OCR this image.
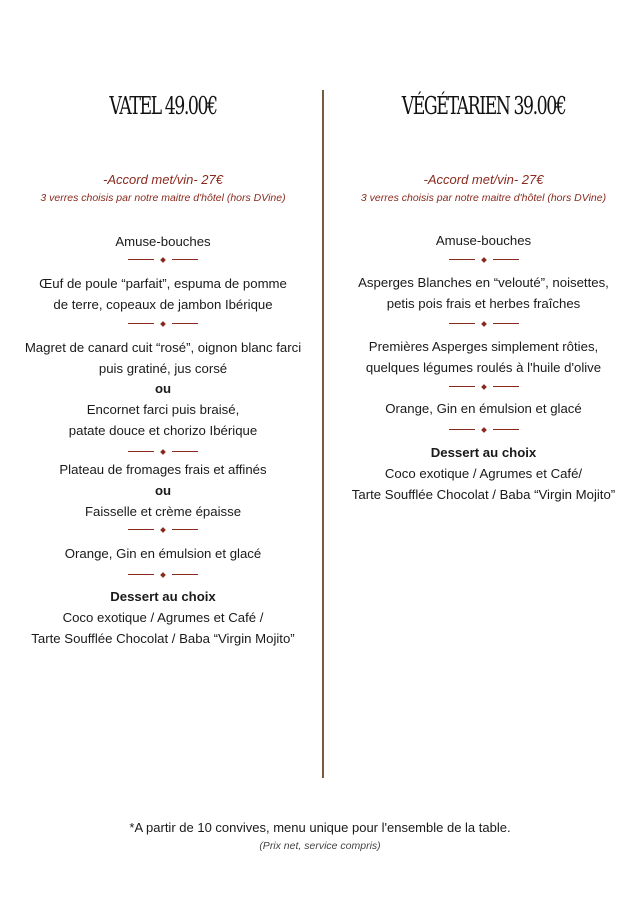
VATEL 49.00€
-Accord met/vin- 27€
3 verres choisis par notre maitre d'hôtel (hors DVine)
Amuse-bouches
Œuf de poule “parfait”, espuma de pomme
de terre, copeaux de jambon Ibérique
Magret de canard cuit “rosé”, oignon blanc farci
puis gratiné, jus corsé
ou
Encornet farci puis braisé,
patate douce et chorizo Ibérique
Plateau de fromages frais et affinés
ou
Faisselle et crème épaisse
Orange, Gin en émulsion et glacé
Dessert au choix
Coco exotique / Agrumes et Café /
Tarte Soufflée Chocolat / Baba “Virgin Mojito”
VÉGÉTARIEN 39.00€
-Accord met/vin- 27€
3 verres choisis par notre maitre d'hôtel (hors DVine)
Amuse-bouches
Asperges Blanches en “velouté”, noisettes,
petis pois frais et herbes fraîches
Premières Asperges simplement rôties,
quelques légumes roulés à l'huile d'olive
Orange, Gin en émulsion et glacé
Dessert au choix
Coco exotique / Agrumes et Café/
Tarte Soufflée Chocolat / Baba “Virgin Mojito”
*A partir de 10 convives, menu unique pour l'ensemble de la table.
(Prix net, service compris)
